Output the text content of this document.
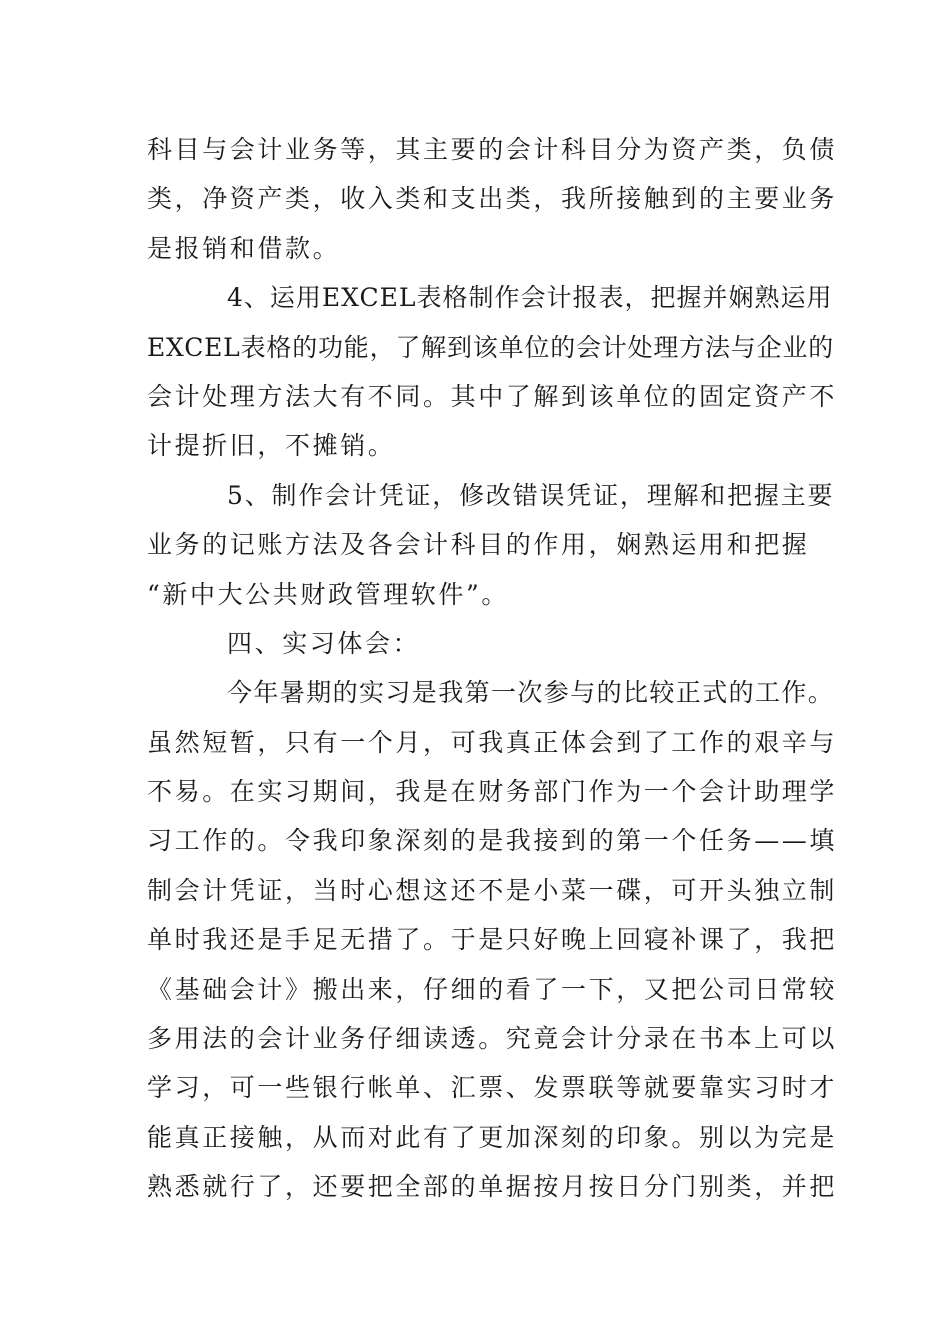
科目与会计业务等，其主要的会计科目分为资产类，负债
类，净资产类，收入类和支出类，我所接触到的主要业务
是报销和借款。
4、运用EXCEL表格制作会计报表，把握并娴熟运用
EXCEL表格的功能，了解到该单位的会计处理方法与企业的
会计处理方法大有不同。其中了解到该单位的固定资产不
计提折旧，不摊销。
5、制作会计凭证，修改错误凭证，理解和把握主要
业务的记账方法及各会计科目的作用，娴熟运用和把握
“新中大公共财政管理软件”。
四、实习体会：
今年暑期的实习是我第一次参与的比较正式的工作。
虽然短暂，只有一个月，可我真正体会到了工作的艰辛与
不易。在实习期间，我是在财务部门作为一个会计助理学
习工作的。令我印象深刻的是我接到的第一个任务——填
制会计凭证，当时心想这还不是小菜一碟，可开头独立制
单时我还是手足无措了。于是只好晚上回寝补课了，我把
《基础会计》搬出来，仔细的看了一下，又把公司日常较
多用法的会计业务仔细读透。究竟会计分录在书本上可以
学习，可一些银行帐单、汇票、发票联等就要靠实习时才
能真正接触，从而对此有了更加深刻的印象。别以为完是
熟悉就行了，还要把全部的单据按月按日分门别类，并把
